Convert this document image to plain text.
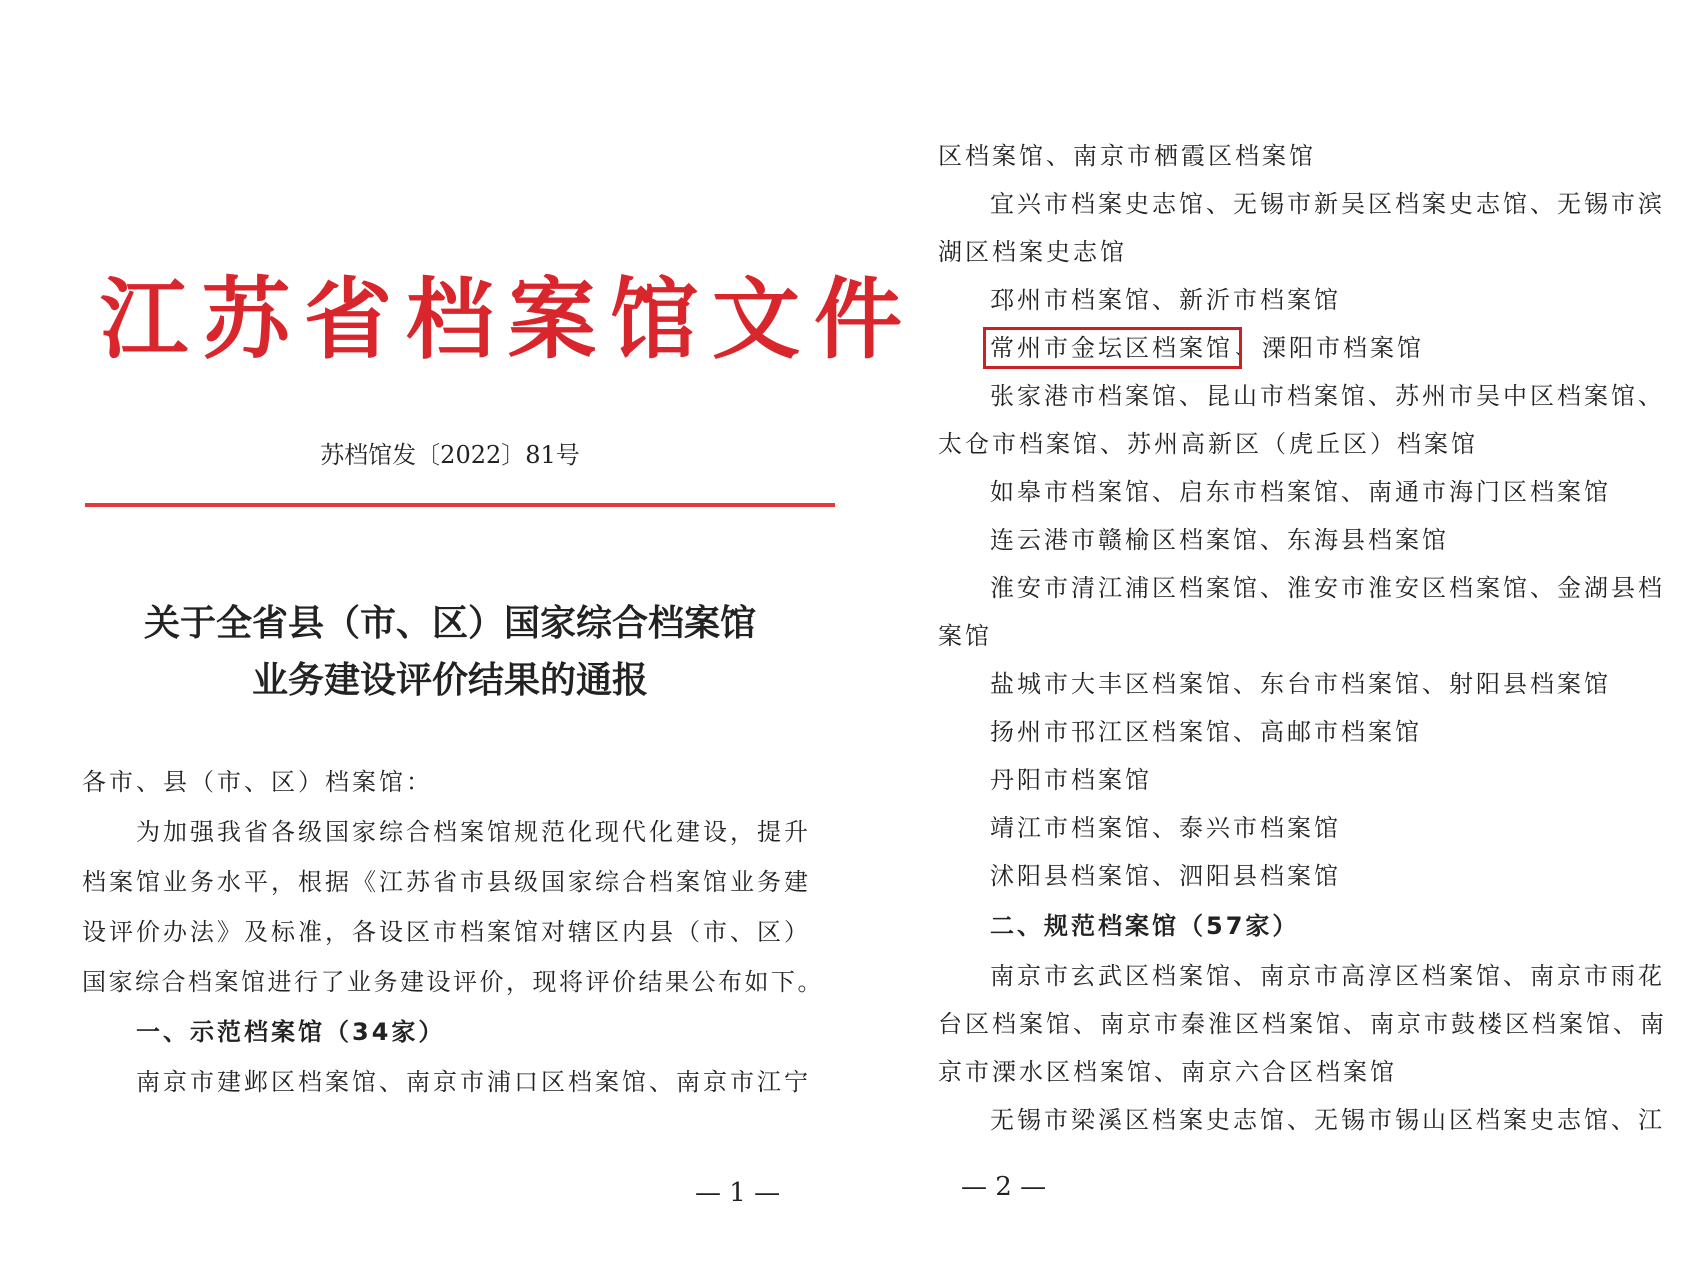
江苏省档案馆文件
苏档馆发〔2022〕81号
关于全省县（市、区）国家综合档案馆
业务建设评价结果的通报
各市、县（市、区）档案馆：
为加强我省各级国家综合档案馆规范化现代化建设，提升
档案馆业务水平，根据《江苏省市县级国家综合档案馆业务建
设评价办法》及标准，各设区市档案馆对辖区内县（市、区）
国家综合档案馆进行了业务建设评价，现将评价结果公布如下。
一、示范档案馆（34家）
南京市建邺区档案馆、南京市浦口区档案馆、南京市江宁
— 1 —
区档案馆、南京市栖霞区档案馆
宜兴市档案史志馆、无锡市新吴区档案史志馆、无锡市滨
湖区档案史志馆
邳州市档案馆、新沂市档案馆
常州市金坛区档案馆、溧阳市档案馆
张家港市档案馆、昆山市档案馆、苏州市吴中区档案馆、
太仓市档案馆、苏州高新区（虎丘区）档案馆
如皋市档案馆、启东市档案馆、南通市海门区档案馆
连云港市赣榆区档案馆、东海县档案馆
淮安市清江浦区档案馆、淮安市淮安区档案馆、金湖县档
案馆
盐城市大丰区档案馆、东台市档案馆、射阳县档案馆
扬州市邗江区档案馆、高邮市档案馆
丹阳市档案馆
靖江市档案馆、泰兴市档案馆
沭阳县档案馆、泗阳县档案馆
二、规范档案馆（57家）
南京市玄武区档案馆、南京市高淳区档案馆、南京市雨花
台区档案馆、南京市秦淮区档案馆、南京市鼓楼区档案馆、南
京市溧水区档案馆、南京六合区档案馆
无锡市梁溪区档案史志馆、无锡市锡山区档案史志馆、江
— 2 —
